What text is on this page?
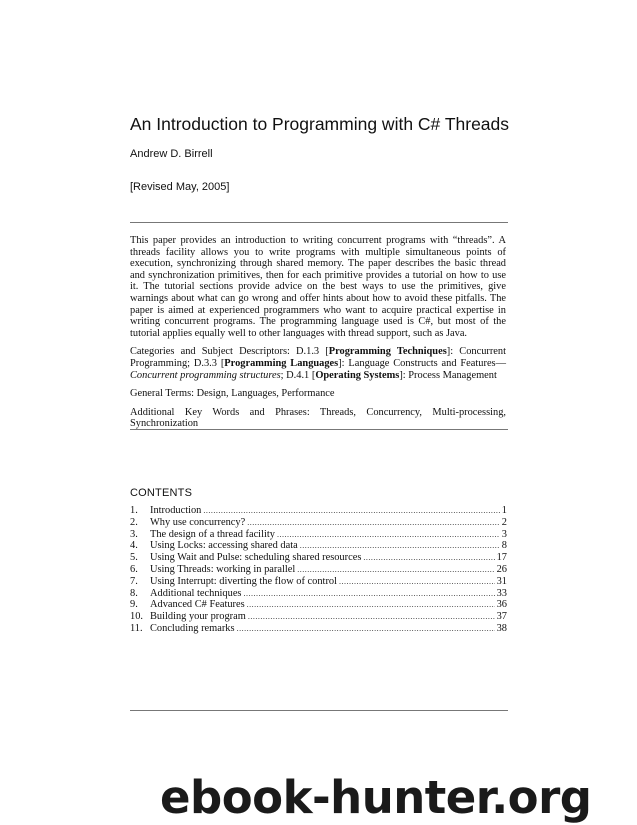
An Introduction to Programming with C# Threads
Andrew D. Birrell
[Revised May, 2005]

This paper provides an introduction to writing concurrent programs with “threads”. A threads facility allows you to write programs with multiple simultaneous points of execution, synchronizing through shared memory. The paper describes the basic thread and synchronization primitives, then for each primitive provides a tutorial on how to use it. The tutorial sections provide advice on the best ways to use the primitives, give warnings about what can go wrong and offer hints about how to avoid these pitfalls. The paper is aimed at experienced programmers who want to acquire practical expertise in writing concurrent programs. The programming language used is C#, but most of the tutorial applies equally well to other languages with thread support, such as Java.

Categories and Subject Descriptors: D.1.3 [Programming Techniques]: Concurrent Programming; D.3.3 [Programming Languages]: Language Constructs and Features—Concurrent programming structures; D.4.1 [Operating Systems]: Process Management

General Terms: Design, Languages, Performance

Additional Key Words and Phrases: Threads, Concurrency, Multi-processing, Synchronization

CONTENTS
1.	Introduction .....	1
2.	Why use concurrency? .....	2
3.	The design of a thread facility .....	3
4.	Using Locks: accessing shared data .....	8
5.	Using Wait and Pulse: scheduling shared resources .....	17
6.	Using Threads: working in parallel .....	26
7.	Using Interrupt: diverting the flow of control .....	31
8.	Additional techniques .....	33
9.	Advanced C# Features .....	36
10. Building your program .....	37
11. Concluding remarks .....	38
ebook-hunter.org
